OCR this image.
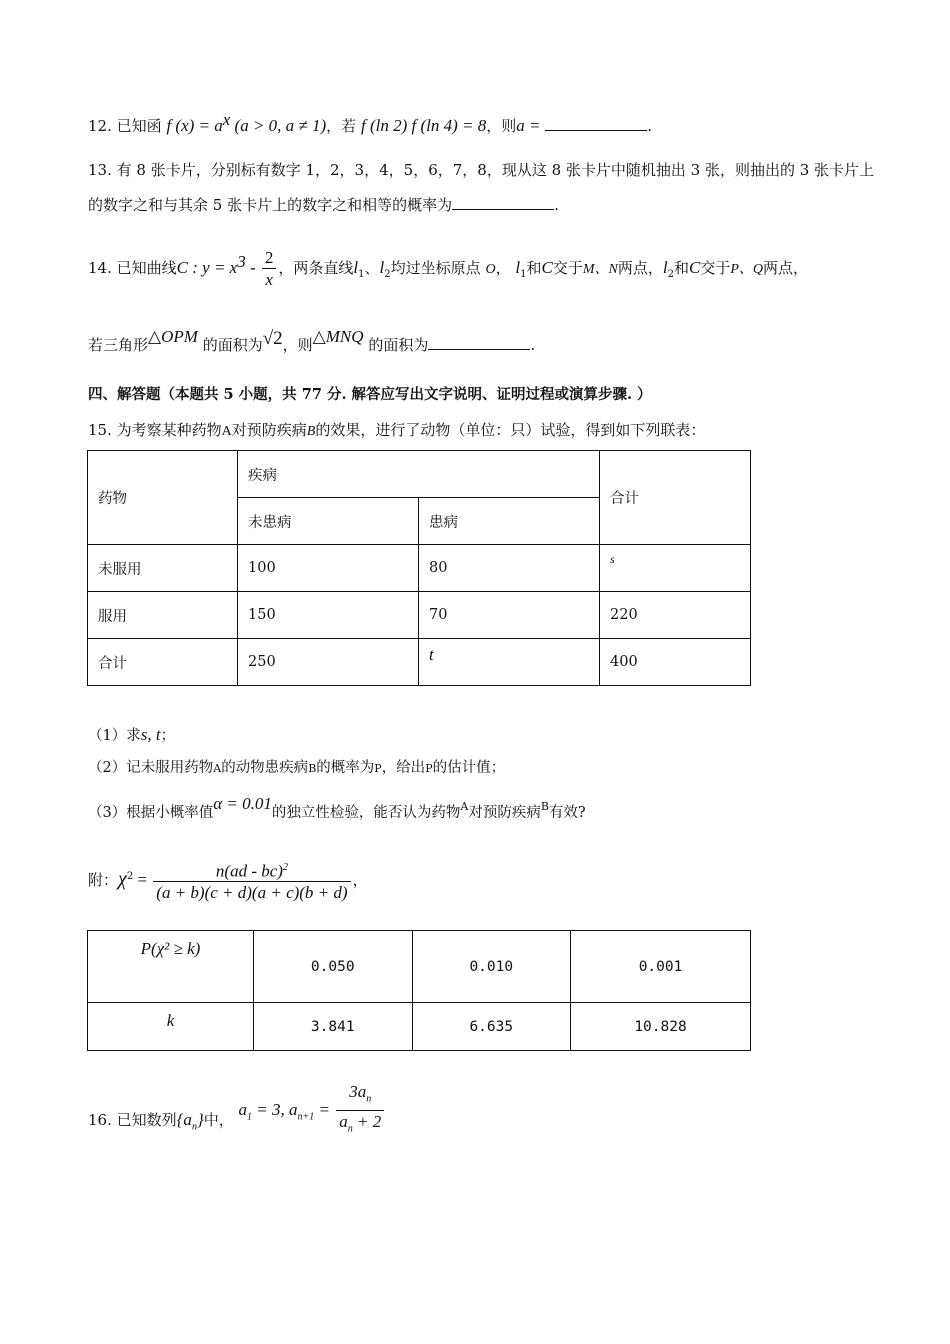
12. 已知函 f $(x) = a^x$ (a > 0, a ≠ 1)，若 f (ln 2) f (ln 4) = 8，则a =	.
13. 有 8 张卡片，分别标有数字 1，2，3，4，5，6，7，8，现从这 8 张卡片中随机抽出 3 张，则抽出的 3 张卡片上
的数字之和与其余 5 张卡片上的数字之和相等的概率为	.
14. 已知曲线C : $y = x^3 - \frac{2}{x}$ ，两条直线$l_1$、$l_2$均过坐标原点 O， $l_1$和C交于M、N两点，$l_2$和C交于P、Q两点，
若三角形△OPM 的面积为√2，则△MNQ 的面积为	.
四、解答题（本题共 5 小题，共 77 分. 解答应写出文字说明、证明过程或演算步骤. ）
15. 为考察某种药物A对预防疾病B的效果，进行了动物（单位：只）试验，得到如下列联表：
药物	疾病		合计
	未患病	患病	
未服用	100	80	s
服用	150	70	220
合计	250	t	400
（1）求s, t；
（2）记未服用药物A的动物患疾病B的概率为P，给出P的估计值；
（3）根据小概率值α = 0.01的独立性检验，能否认为药物$^A$对预防疾病$^B$有效?
附：$\chi^2 = \frac{n(ad - bc)^2}{(a + b)(c + d)(a + c)(b + d)}$ ，
P(χ² ≥ k)	0.050	0.010	0.001
k	3.841	6.635	10.828
16. 已知数列$\{a_n\}$中， $a_1 = 3$, $a_{n+1} = \frac{3a_n}{a_n + 2}$
